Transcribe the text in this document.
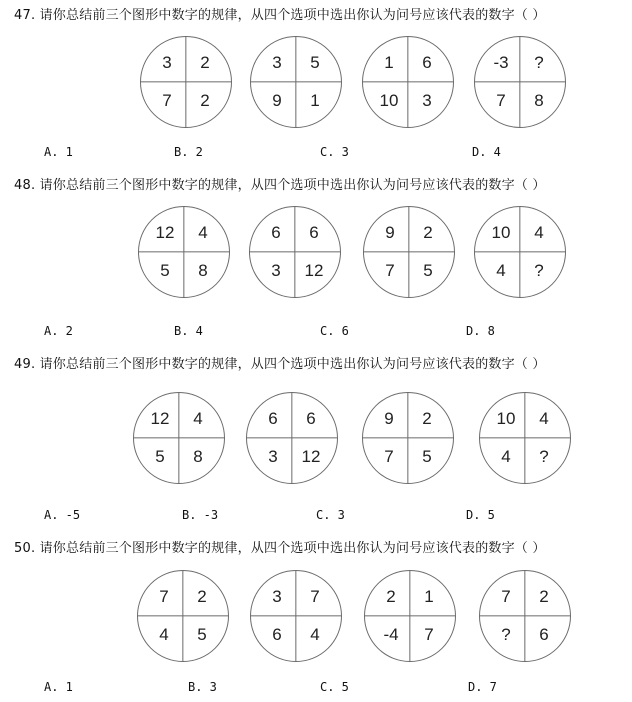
47. 请你总结前三个图形中数字的规律，从四个选项中选出你认为问号应该代表的数字（ ）
3	2
7	2
3	5
9	1
1	6
10	3
-3	?
7	8
A. 1	B. 2	C. 3	D. 4
48. 请你总结前三个图形中数字的规律，从四个选项中选出你认为问号应该代表的数字（ ）
12	4
5	8
6	6
3	12
9	2
7	5
10	4
4	?
A. 2	B. 4	C. 6	D. 8
49. 请你总结前三个图形中数字的规律，从四个选项中选出你认为问号应该代表的数字（ ）
12	4
5	8
6	6
3	12
9	2
7	5
10	4
4	?
A. -5	B. -3	C. 3	D. 5
50. 请你总结前三个图形中数字的规律，从四个选项中选出你认为问号应该代表的数字（ ）
7	2
4	5
3	7
6	4
2	1
-4	7
7	2
?	6
A. 1	B. 3	C. 5	D. 7
